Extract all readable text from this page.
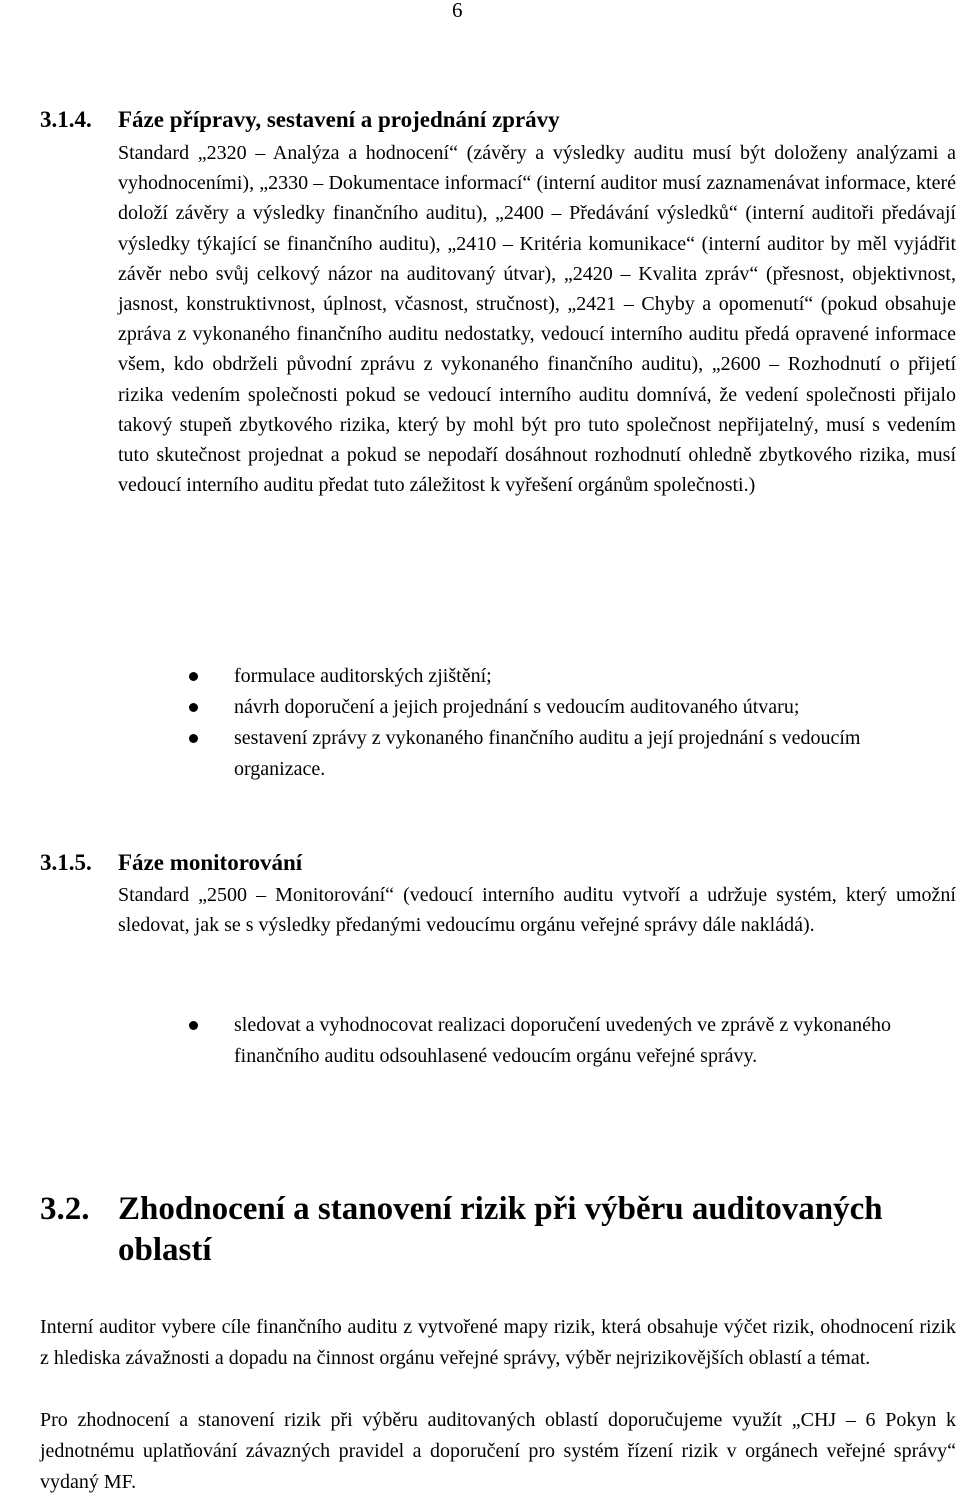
6
3.1.4. Fáze přípravy, sestavení a projednání zprávy
Standard „2320 – Analýza a hodnocení“ (závěry a výsledky auditu musí být doloženy analýzami a vyhodnoceními), „2330 – Dokumentace informací“ (interní auditor musí zaznamenávat informace, které doloží závěry a výsledky finančního auditu), „2400 – Předávání výsledků“ (interní auditoři předávají výsledky týkající se finančního auditu), „2410 – Kritéria komunikace“ (interní auditor by měl vyjádřit závěr nebo svůj celkový názor na auditovaný útvar), „2420 – Kvalita zpráv“ (přesnost, objektivnost, jasnost, konstruktivnost, úplnost, včasnost, stručnost), „2421 – Chyby a opomenutí“ (pokud obsahuje zpráva z vykonaného finančního auditu nedostatky, vedoucí interního auditu předá opravené informace všem, kdo obdrželi původní zprávu z vykonaného finančního auditu), „2600 – Rozhodnutí o přijetí rizika vedením společnosti pokud se vedoucí interního auditu domnívá, že vedení společnosti přijalo takový stupeň zbytkového rizika, který by mohl být pro tuto společnost nepřijatelný, musí s vedením tuto skutečnost projednat a pokud se nepodaří dosáhnout rozhodnutí ohledně zbytkového rizika, musí vedoucí interního auditu předat tuto záležitost k vyřešení orgánům společnosti.)
formulace auditorských zjištění;
návrh doporučení a jejich projednání s vedoucím auditovaného útvaru;
sestavení zprávy z vykonaného finančního auditu a její projednání s vedoucím organizace.
3.1.5. Fáze monitorování
Standard „2500 – Monitorování“ (vedoucí interního auditu vytvoří a udržuje systém, který umožní sledovat, jak se s výsledky předanými vedoucímu orgánu veřejné správy dále nakládá).
sledovat a vyhodnocovat realizaci doporučení uvedených ve zprávě z vykonaného finančního auditu odsouhlasené vedoucím orgánu veřejné správy.
3.2. Zhodnocení a stanovení rizik při výběru auditovaných oblastí
Interní auditor vybere cíle finančního auditu z vytvořené mapy rizik, která obsahuje výčet rizik, ohodnocení rizik z hlediska závažnosti a dopadu na činnost orgánu veřejné správy, výběr nejrizikovějších oblastí a témat.
Pro zhodnocení a stanovení rizik při výběru auditovaných oblastí doporučujeme využít „CHJ – 6 Pokyn k jednotnému uplatňování závazných pravidel a doporučení pro systém řízení rizik v orgánech veřejné správy“ vydaný MF.
